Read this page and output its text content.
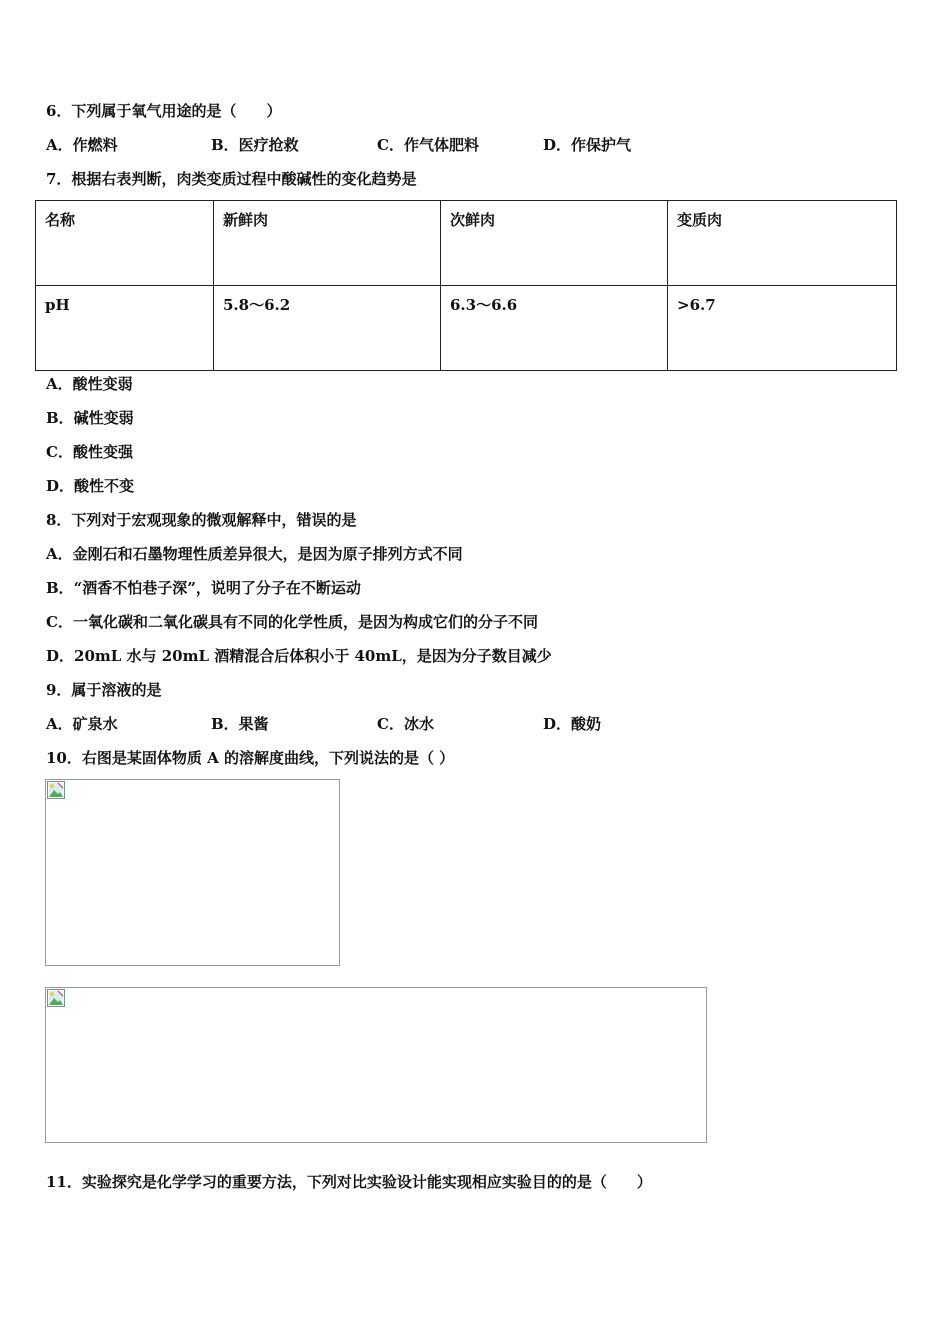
6．下列属于氧气用途的是（　　）
A．作燃料	B．医疗抢救	C．作气体肥料	D．作保护气
7．根据右表判断，肉类变质过程中酸碱性的变化趋势是
名称	新鲜肉	次鲜肉	变质肉
pH	5.8～6.2	6.3～6.6	>6.7
A．酸性变弱
B．碱性变弱
C．酸性变强
D．酸性不变
8．下列对于宏观现象的微观解释中，错误的是
A．金刚石和石墨物理性质差异很大，是因为原子排列方式不同
B．“酒香不怕巷子深”，说明了分子在不断运动
C．一氧化碳和二氧化碳具有不同的化学性质，是因为构成它们的分子不同
D．20mL 水与 20mL 酒精混合后体积小于 40mL，是因为分子数目减少
9．属于溶液的是
A．矿泉水	B．果酱	C．冰水	D．酸奶
10．右图是某固体物质 A 的溶解度曲线，下列说法的是（ ）
11．实验探究是化学学习的重要方法，下列对比实验设计能实现相应实验目的的是（　　）
